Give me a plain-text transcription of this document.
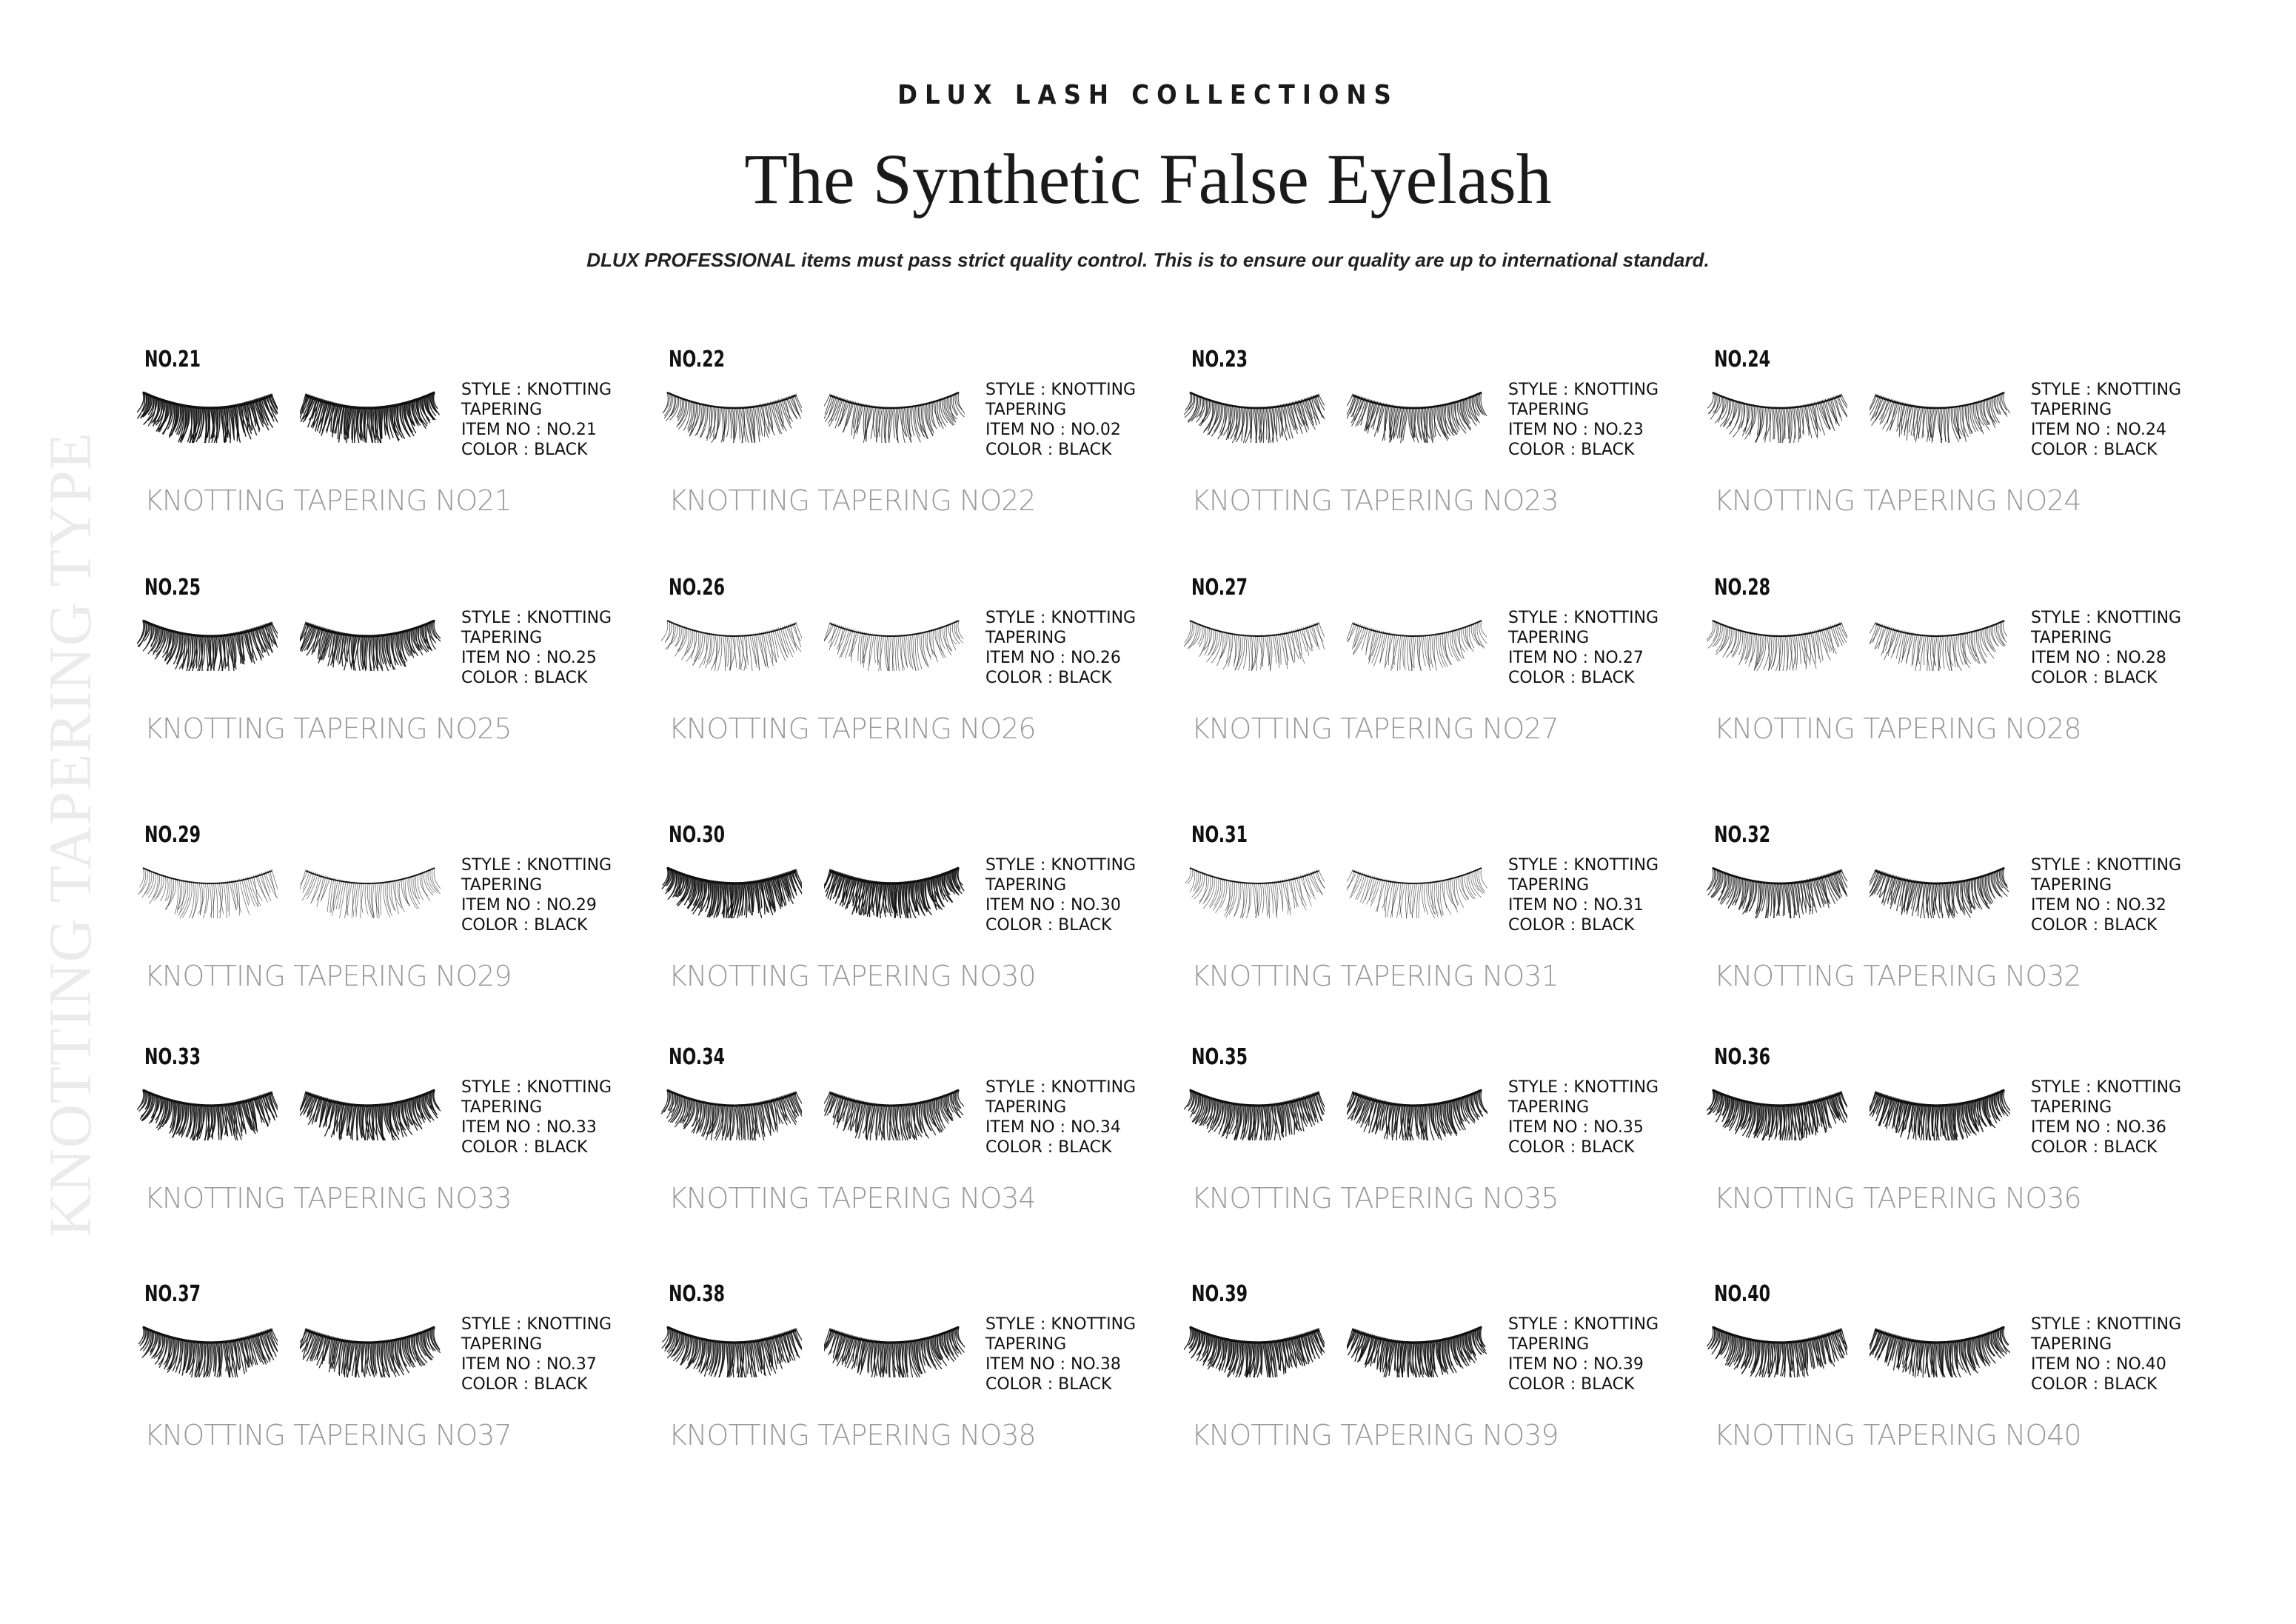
DLUX LASH COLLECTIONS
The Synthetic False Eyelash
DLUX PROFESSIONAL items must pass strict quality control. This is to ensure our quality are up to international standard.
KNOTTING TAPERING TYPE
NO.21
STYLE : KNOTTING
TAPERING
ITEM NO : NO.21
COLOR : BLACK
KNOTTING TAPERING NO21
NO.22
STYLE : KNOTTING
TAPERING
ITEM NO : NO.02
COLOR : BLACK
KNOTTING TAPERING NO22
NO.23
STYLE : KNOTTING
TAPERING
ITEM NO : NO.23
COLOR : BLACK
KNOTTING TAPERING NO23
NO.24
STYLE : KNOTTING
TAPERING
ITEM NO : NO.24
COLOR : BLACK
KNOTTING TAPERING NO24
NO.25
STYLE : KNOTTING
TAPERING
ITEM NO : NO.25
COLOR : BLACK
KNOTTING TAPERING NO25
NO.26
STYLE : KNOTTING
TAPERING
ITEM NO : NO.26
COLOR : BLACK
KNOTTING TAPERING NO26
NO.27
STYLE : KNOTTING
TAPERING
ITEM NO : NO.27
COLOR : BLACK
KNOTTING TAPERING NO27
NO.28
STYLE : KNOTTING
TAPERING
ITEM NO : NO.28
COLOR : BLACK
KNOTTING TAPERING NO28
NO.29
STYLE : KNOTTING
TAPERING
ITEM NO : NO.29
COLOR : BLACK
KNOTTING TAPERING NO29
NO.30
STYLE : KNOTTING
TAPERING
ITEM NO : NO.30
COLOR : BLACK
KNOTTING TAPERING NO30
NO.31
STYLE : KNOTTING
TAPERING
ITEM NO : NO.31
COLOR : BLACK
KNOTTING TAPERING NO31
NO.32
STYLE : KNOTTING
TAPERING
ITEM NO : NO.32
COLOR : BLACK
KNOTTING TAPERING NO32
NO.33
STYLE : KNOTTING
TAPERING
ITEM NO : NO.33
COLOR : BLACK
KNOTTING TAPERING NO33
NO.34
STYLE : KNOTTING
TAPERING
ITEM NO : NO.34
COLOR : BLACK
KNOTTING TAPERING NO34
NO.35
STYLE : KNOTTING
TAPERING
ITEM NO : NO.35
COLOR : BLACK
KNOTTING TAPERING NO35
NO.36
STYLE : KNOTTING
TAPERING
ITEM NO : NO.36
COLOR : BLACK
KNOTTING TAPERING NO36
NO.37
STYLE : KNOTTING
TAPERING
ITEM NO : NO.37
COLOR : BLACK
KNOTTING TAPERING NO37
NO.38
STYLE : KNOTTING
TAPERING
ITEM NO : NO.38
COLOR : BLACK
KNOTTING TAPERING NO38
NO.39
STYLE : KNOTTING
TAPERING
ITEM NO : NO.39
COLOR : BLACK
KNOTTING TAPERING NO39
NO.40
STYLE : KNOTTING
TAPERING
ITEM NO : NO.40
COLOR : BLACK
KNOTTING TAPERING NO40
